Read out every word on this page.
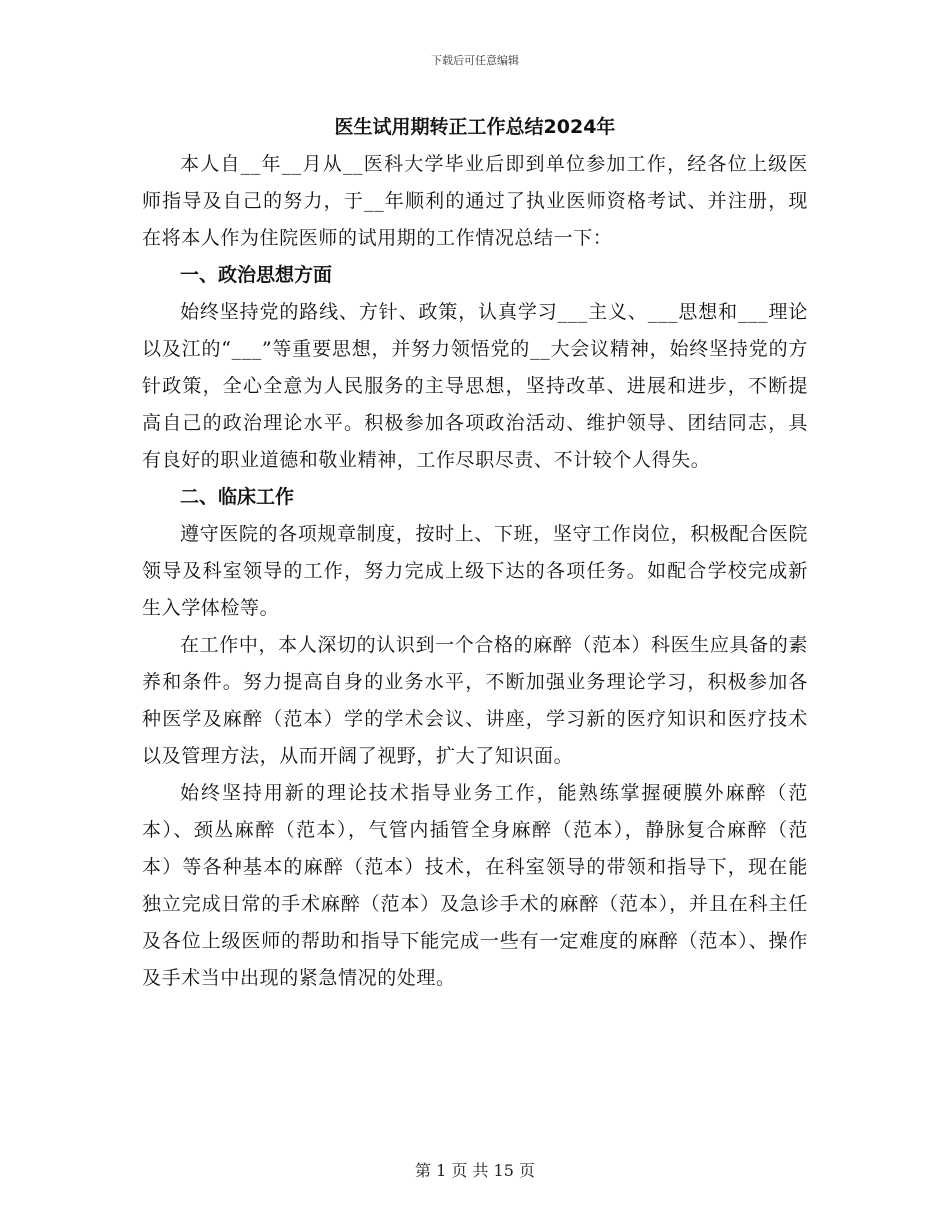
下载后可任意编辑
医生试用期转正工作总结2024年

本人自__年__月从__医科大学毕业后即到单位参加工作，经各位上级医师指导及自己的努力，于__年顺利的通过了执业医师资格考试、并注册，现在将本人作为住院医师的试用期的工作情况总结一下：

一、政治思想方面

始终坚持党的路线、方针、政策，认真学习___主义、___思想和___理论以及江的“___”等重要思想，并努力领悟党的__大会议精神，始终坚持党的方针政策，全心全意为人民服务的主导思想，坚持改革、进展和进步，不断提高自己的政治理论水平。积极参加各项政治活动、维护领导、团结同志，具有良好的职业道德和敬业精神，工作尽职尽责、不计较个人得失。

二、临床工作

遵守医院的各项规章制度，按时上、下班，坚守工作岗位，积极配合医院领导及科室领导的工作，努力完成上级下达的各项任务。如配合学校完成新生入学体检等。

在工作中，本人深切的认识到一个合格的麻醉（范本）科医生应具备的素养和条件。努力提高自身的业务水平，不断加强业务理论学习，积极参加各种医学及麻醉（范本）学的学术会议、讲座，学习新的医疗知识和医疗技术以及管理方法，从而开阔了视野，扩大了知识面。

始终坚持用新的理论技术指导业务工作，能熟练掌握硬膜外麻醉（范本）、颈丛麻醉（范本），气管内插管全身麻醉（范本），静脉复合麻醉（范本）等各种基本的麻醉（范本）技术，在科室领导的带领和指导下，现在能独立完成日常的手术麻醉（范本）及急诊手术的麻醉（范本），并且在科主任及各位上级医师的帮助和指导下能完成一些有一定难度的麻醉（范本）、操作及手术当中出现的紧急情况的处理。

第 1 页 共 15 页
